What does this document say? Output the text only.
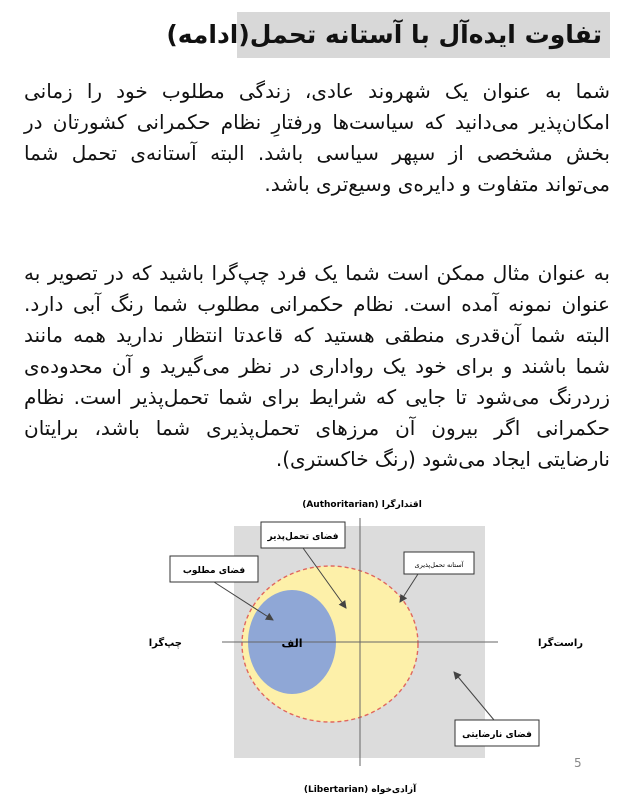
تفاوت ایده‌آل با آستانه تحمل(ادامه)

شما به عنوان یک شهروند عادی، زندگی مطلوب خود را زمانی امکان‌پذیر می‌دانید که سیاست‌ها ورفتارِ نظام حکمرانی کشورتان در بخش مشخصی از سپهر سیاسی باشد. البته آستانه‌ی تحمل شما می‌تواند متفاوت و دایره‌ی وسیع‌تری باشد.

به عنوان مثال ممکن است شما یک فرد چپ‌گرا باشید که در تصویر به عنوان نمونه آمده است. نظام حکمرانی مطلوب شما رنگ آبی دارد. البته شما آن‌قدری منطقی هستید که قاعدتا انتظار ندارید همه مانند شما باشند و برای خود یک رواداری در نظر می‌گیرید و آن محدوده‌ی زردرنگ می‌شود تا جایی که شرایط برای شما تحمل‌پذیر است. نظام حکمرانی اگر بیرون آن مرزهای تحمل‌پذیری شما باشد، برایتان نارضایتی ایجاد می‌شود (رنگ خاکستری).

اقتدارگرا (Authoritarian)
آزادی‌خواه (Libertarian)
چپ‌گرا	راست‌گرا
الف
فضای تحمل‌پذیر
فضای مطلوب
آستانه تحمل‌پذیری
فضای نارضایتی
5
